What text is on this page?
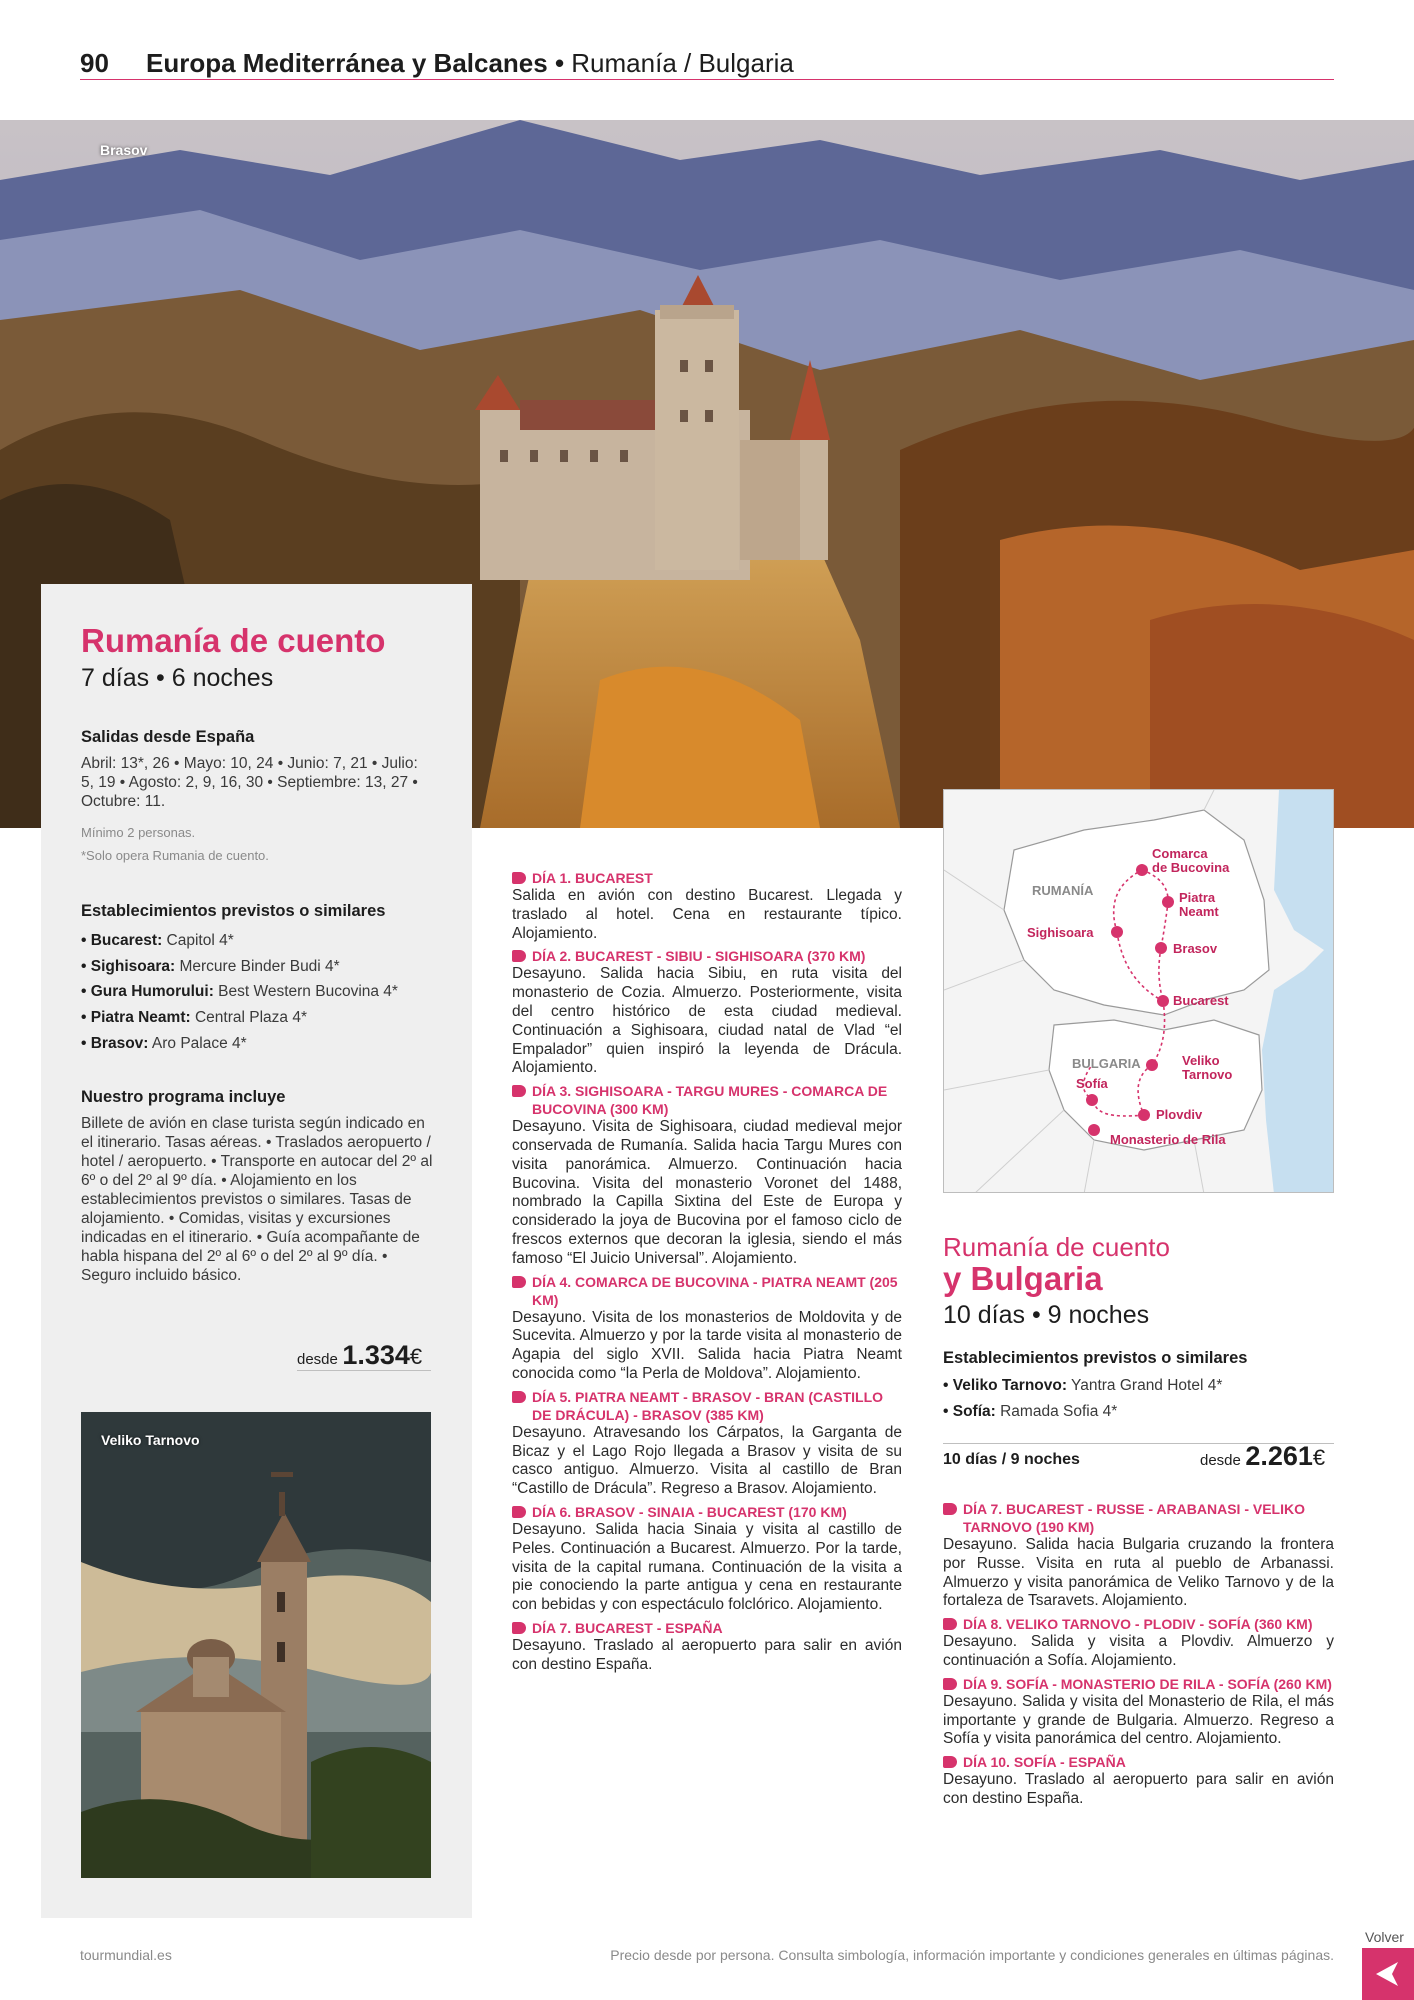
90 Europa Mediterránea y Balcanes • Rumanía / Bulgaria
Brasov
Rumanía de cuento
7 días • 6 noches
Salidas desde España
Abril: 13*, 26 • Mayo: 10, 24 • Junio: 7, 21 • Julio: 5, 19 • Agosto: 2, 9, 16, 30 • Septiembre: 13, 27 • Octubre: 11.
Mínimo 2 personas.
*Solo opera Rumania de cuento.
Establecimientos previstos o similares
• Bucarest: Capitol 4*
• Sighisoara: Mercure Binder Budi 4*
• Gura Humorului: Best Western Bucovina 4*
• Piatra Neamt: Central Plaza 4*
• Brasov: Aro Palace 4*
Nuestro programa incluye
Billete de avión en clase turista según indicado en el itinerario. Tasas aéreas. • Traslados aeropuerto / hotel / aeropuerto. • Transporte en autocar del 2º al 6º o del 2º al 9º día. • Alojamiento en los establecimientos previstos o similares. Tasas de alojamiento. • Comidas, visitas y excursiones indicadas en el itinerario. • Guía acompañante de habla hispana del 2º al 6º o del 2º al 9º día. • Seguro incluido básico.
desde 1.334€
Veliko Tarnovo
DÍA 1. BUCAREST
Salida en avión con destino Bucarest. Llegada y traslado al hotel. Cena en restaurante típico. Alojamiento.
DÍA 2. BUCAREST - SIBIU - SIGHISOARA (370 KM)
Desayuno. Salida hacia Sibiu, en ruta visita del monasterio de Cozia. Almuerzo. Posteriormente, visita del centro histórico de esta ciudad medieval. Continuación a Sighisoara, ciudad natal de Vlad “el Empalador” quien inspiró la leyenda de Drácula. Alojamiento.
DÍA 3. SIGHISOARA - TARGU MURES - COMARCA DE BUCOVINA (300 KM)
Desayuno. Visita de Sighisoara, ciudad medieval mejor conservada de Rumanía. Salida hacia Targu Mures con visita panorámica. Almuerzo. Continuación hacia Bucovina. Visita del monasterio Voronet del 1488, nombrado la Capilla Sixtina del Este de Europa y considerado la joya de Bucovina por el famoso ciclo de frescos externos que decoran la iglesia, siendo el más famoso “El Juicio Universal”. Alojamiento.
DÍA 4. COMARCA DE BUCOVINA - PIATRA NEAMT (205 KM)
Desayuno. Visita de los monasterios de Moldovita y de Sucevita. Almuerzo y por la tarde visita al monasterio de Agapia del siglo XVII. Salida hacia Piatra Neamt conocida como “la Perla de Moldova”. Alojamiento.
DÍA 5. PIATRA NEAMT - BRASOV - BRAN (CASTILLO DE DRÁCULA) - BRASOV (385 KM)
Desayuno. Atravesando los Cárpatos, la Garganta de Bicaz y el Lago Rojo llegada a Brasov y visita de su casco antiguo. Almuerzo. Visita al castillo de Bran “Castillo de Drácula”. Regreso a Brasov. Alojamiento.
DÍA 6. BRASOV - SINAIA - BUCAREST (170 KM)
Desayuno. Salida hacia Sinaia y visita al castillo de Peles. Continuación a Bucarest. Almuerzo. Por la tarde, visita de la capital rumana. Continuación de la visita a pie conociendo la parte antigua y cena en restaurante con bebidas y con espectáculo folclórico. Alojamiento.
DÍA 7. BUCAREST - ESPAÑA
Desayuno. Traslado al aeropuerto para salir en avión con destino España.
RUMANÍA
BULGARIA
Comarca
de Bucovina
Piatra
Neamt
Sighisoara
Brasov
Bucarest
Veliko
Tarnovo
Sofía
Plovdiv
Monasterio de Rila
Rumanía de cuento
y Bulgaria
10 días • 9 noches
Establecimientos previstos o similares
• Veliko Tarnovo: Yantra Grand Hotel 4*
• Sofía: Ramada Sofia 4*
10 días / 9 noches	desde 2.261€
DÍA 7. BUCAREST - RUSSE - ARABANASI - VELIKO TARNOVO (190 KM)
Desayuno. Salida hacia Bulgaria cruzando la frontera por Russe. Visita en ruta al pueblo de Arbanassi. Almuerzo y visita panorámica de Veliko Tarnovo y de la fortaleza de Tsaravets. Alojamiento.
DÍA 8. VELIKO TARNOVO - PLODIV - SOFÍA (360 KM)
Desayuno. Salida y visita a Plovdiv. Almuerzo y continuación a Sofía. Alojamiento.
DÍA 9. SOFÍA - MONASTERIO DE RILA - SOFÍA (260 KM)
Desayuno. Salida y visita del Monasterio de Rila, el más importante y grande de Bulgaria. Almuerzo. Regreso a Sofía y visita panorámica del centro. Alojamiento.
DÍA 10. SOFÍA - ESPAÑA
Desayuno. Traslado al aeropuerto para salir en avión con destino España.
tourmundial.es	Precio desde por persona. Consulta simbología, información importante y condiciones generales en últimas páginas.
Volver
